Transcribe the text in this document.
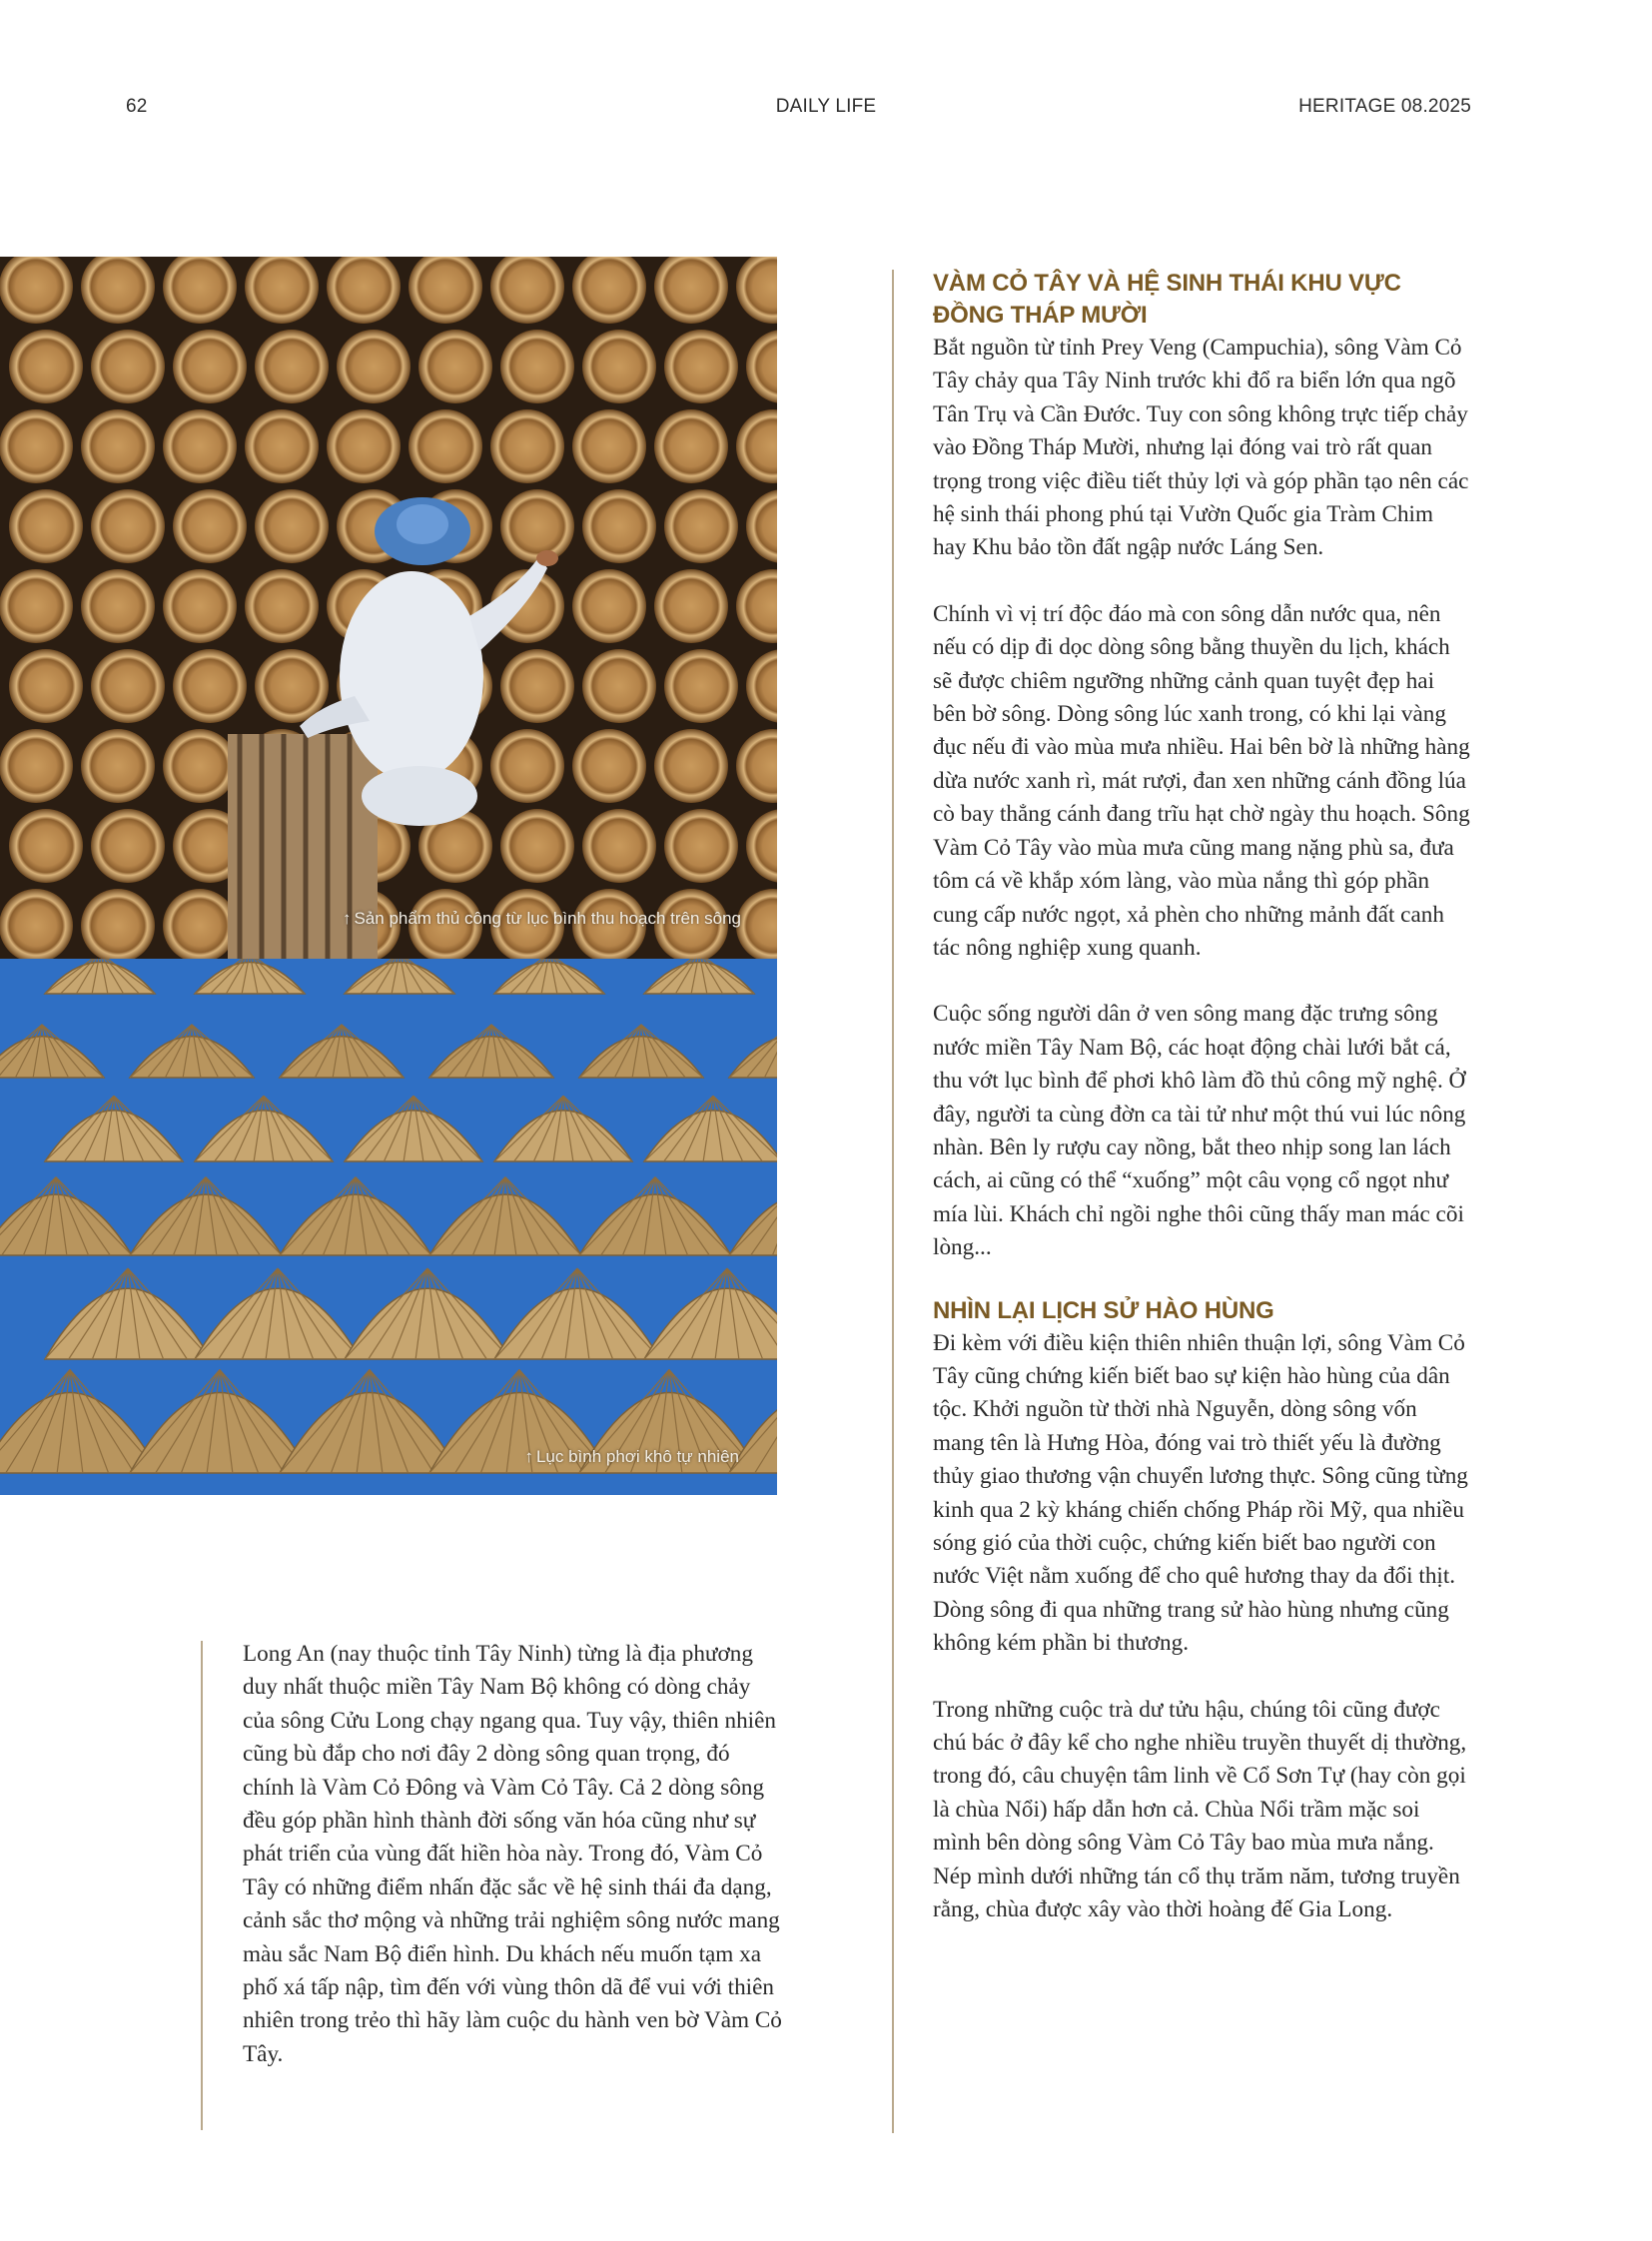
62	DAILY LIFE	HERITAGE 08.2025
↑ Sản phẩm thủ công từ lục bình thu hoạch trên sông
↑ Lục bình phơi khô tự nhiên

Long An (nay thuộc tỉnh Tây Ninh) từng là địa phương duy nhất thuộc miền Tây Nam Bộ không có dòng chảy của sông Cửu Long chạy ngang qua. Tuy vậy, thiên nhiên cũng bù đắp cho nơi đây 2 dòng sông quan trọng, đó chính là Vàm Cỏ Đông và Vàm Cỏ Tây. Cả 2 dòng sông đều góp phần hình thành đời sống văn hóa cũng như sự phát triển của vùng đất hiền hòa này. Trong đó, Vàm Cỏ Tây có những điểm nhấn đặc sắc về hệ sinh thái đa dạng, cảnh sắc thơ mộng và những trải nghiệm sông nước mang màu sắc Nam Bộ điển hình. Du khách nếu muốn tạm xa phố xá tấp nập, tìm đến với vùng thôn dã để vui với thiên nhiên trong trẻo thì hãy làm cuộc du hành ven bờ Vàm Cỏ Tây.

VÀM CỎ TÂY VÀ HỆ SINH THÁI KHU VỰC
ĐỒNG THÁP MƯỜI

Bắt nguồn từ tỉnh Prey Veng (Campuchia), sông Vàm Cỏ Tây chảy qua Tây Ninh trước khi đổ ra biển lớn qua ngõ Tân Trụ và Cần Đước. Tuy con sông không trực tiếp chảy vào Đồng Tháp Mười, nhưng lại đóng vai trò rất quan trọng trong việc điều tiết thủy lợi và góp phần tạo nên các hệ sinh thái phong phú tại Vườn Quốc gia Tràm Chim hay Khu bảo tồn đất ngập nước Láng Sen.

Chính vì vị trí độc đáo mà con sông dẫn nước qua, nên nếu có dịp đi dọc dòng sông bằng thuyền du lịch, khách sẽ được chiêm ngưỡng những cảnh quan tuyệt đẹp hai bên bờ sông. Dòng sông lúc xanh trong, có khi lại vàng đục nếu đi vào mùa mưa nhiều. Hai bên bờ là những hàng dừa nước xanh rì, mát rượi, đan xen những cánh đồng lúa cò bay thẳng cánh đang trĩu hạt chờ ngày thu hoạch. Sông Vàm Cỏ Tây vào mùa mưa cũng mang nặng phù sa, đưa tôm cá về khắp xóm làng, vào mùa nắng thì góp phần cung cấp nước ngọt, xả phèn cho những mảnh đất canh tác nông nghiệp xung quanh.

Cuộc sống người dân ở ven sông mang đặc trưng sông nước miền Tây Nam Bộ, các hoạt động chài lưới bắt cá, thu vớt lục bình để phơi khô làm đồ thủ công mỹ nghệ. Ở đây, người ta cùng đờn ca tài tử như một thú vui lúc nông nhàn. Bên ly rượu cay nồng, bắt theo nhịp song lan lách cách, ai cũng có thể “xuống” một câu vọng cổ ngọt như mía lùi. Khách chỉ ngồi nghe thôi cũng thấy man mác cõi lòng...

NHÌN LẠI LỊCH SỬ HÀO HÙNG

Đi kèm với điều kiện thiên nhiên thuận lợi, sông Vàm Cỏ Tây cũng chứng kiến biết bao sự kiện hào hùng của dân tộc. Khởi nguồn từ thời nhà Nguyễn, dòng sông vốn mang tên là Hưng Hòa, đóng vai trò thiết yếu là đường thủy giao thương vận chuyển lương thực. Sông cũng từng kinh qua 2 kỳ kháng chiến chống Pháp rồi Mỹ, qua nhiều sóng gió của thời cuộc, chứng kiến biết bao người con nước Việt nằm xuống để cho quê hương thay da đổi thịt. Dòng sông đi qua những trang sử hào hùng nhưng cũng không kém phần bi thương.

Trong những cuộc trà dư tửu hậu, chúng tôi cũng được chú bác ở đây kể cho nghe nhiều truyền thuyết dị thường, trong đó, câu chuyện tâm linh về Cổ Sơn Tự (hay còn gọi là chùa Nổi) hấp dẫn hơn cả. Chùa Nổi trầm mặc soi mình bên dòng sông Vàm Cỏ Tây bao mùa mưa nắng. Nép mình dưới những tán cổ thụ trăm năm, tương truyền rằng, chùa được xây vào thời hoàng đế Gia Long.
